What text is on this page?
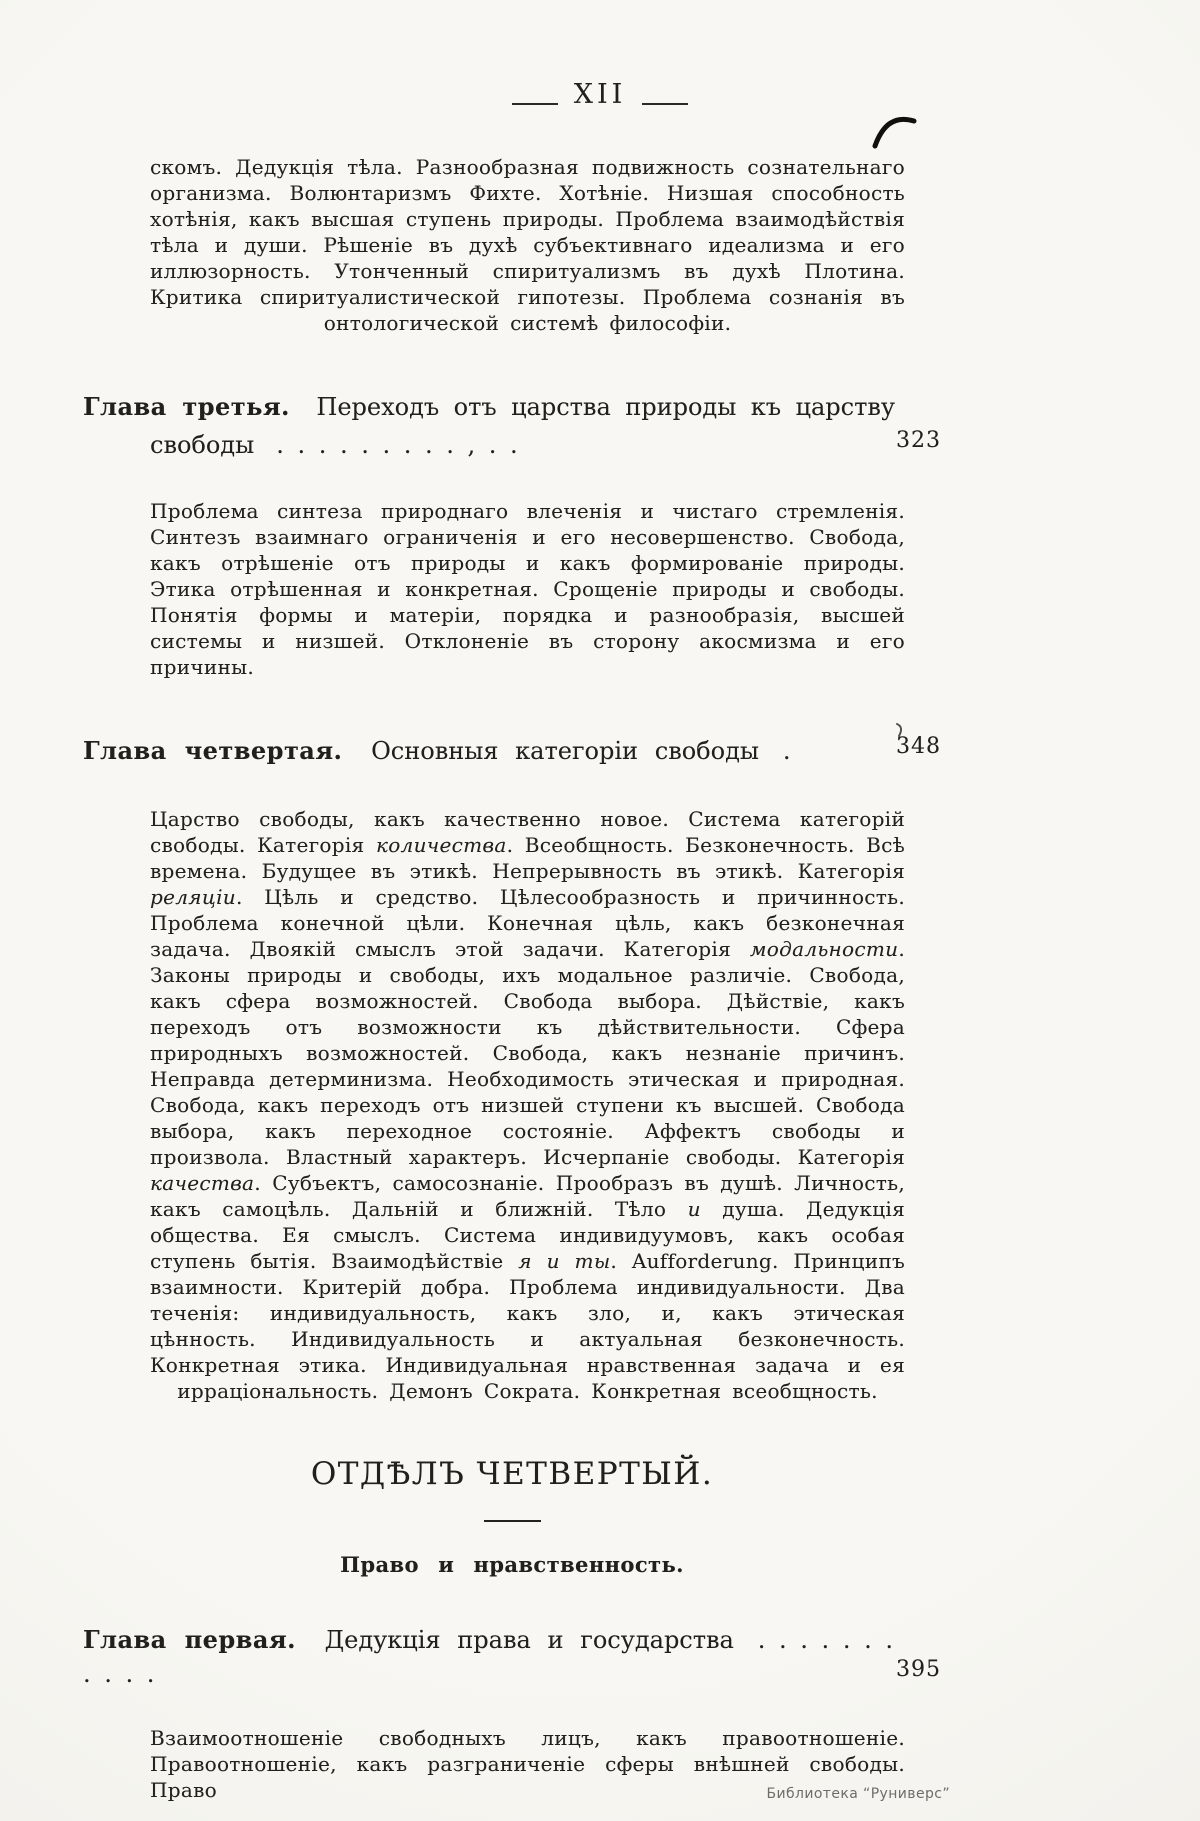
XII

скомъ. Дедукція тѣла. Разнообразная подвижность сознательнаго организма. Волюнтаризмъ Фихте. Хотѣніе. Низшая способность хотѣнія, какъ высшая ступень природы. Проблема взаимодѣйствія тѣла и души. Рѣшеніе въ духѣ субъективнаго идеализма и его иллюзорность. Утонченный спиритуализмъ въ духѣ Плотина. Критика спиритуалистической гипотезы. Проблема сознанія въ онтологической системѣ философіи.

Глава третья. Переходъ отъ царства природы къ царству
свободы . . . . . . . . . , . .	323

Проблема синтеза природнаго влеченія и чистаго стремленія. Синтезъ взаимнаго ограниченія и его несовершенство. Свобода, какъ отрѣшеніе отъ природы и какъ формированіе природы. Этика отрѣшенная и конкретная. Срощеніе природы и свободы. Понятія формы и матеріи, порядка и разнообразія, высшей системы и низшей. Отклоненіе въ сторону акосмизма и его причины.

Глава четвертая. Основныя категоріи свободы .	348

Царство свободы, какъ качественно новое. Система категорій свободы. Категорія количества. Всеобщность. Безконечность. Всѣ времена. Будущее въ этикѣ. Непрерывность въ этикѣ. Категорія реляціи. Цѣль и средство. Цѣлесообразность и причинность. Проблема конечной цѣли. Конечная цѣль, какъ безконечная задача. Двоякій смыслъ этой задачи. Категорія модальности. Законы природы и свободы, ихъ модальное различіе. Свобода, какъ сфера возможностей. Свобода выбора. Дѣйствіе, какъ переходъ отъ возможности къ дѣйствительности. Сфера природныхъ возможностей. Свобода, какъ незнаніе причинъ. Неправда детерминизма. Необходимость этическая и природная. Свобода, какъ переходъ отъ низшей ступени къ высшей. Свобода выбора, какъ переходное состояніе. Аффектъ свободы и произвола. Властный характеръ. Исчерпаніе свободы. Категорія качества. Субъектъ, самосознаніе. Прообразъ въ душѣ. Личность, какъ самоцѣль. Дальній и ближній. Тѣло и душа. Дедукція общества. Ея смыслъ. Система индивидуумовъ, какъ особая ступень бытія. Взаимодѣйствіе я и ты. Aufforderung. Принципъ взаимности. Критерій добра. Проблема индивидуальности. Два теченія: индивидуальность, какъ зло, и, какъ этическая цѣнность. Индивидуальность и актуальная безконечность. Конкретная этика. Индивидуальная нравственная задача и ея ирраціональность. Демонъ Сократа. Конкретная всеобщность.

ОТДѢЛЪ ЧЕТВЕРТЫЙ.
Право и нравственность.
Глава первая. Дедукція права и государства . . . . . . . . . . .	395

Взаимоотношеніе свободныхъ лицъ, какъ правоотношеніе. Правоотношеніе, какъ разграниченіе сферы внѣшней свободы. Право	Библиотека “Руниверс”
